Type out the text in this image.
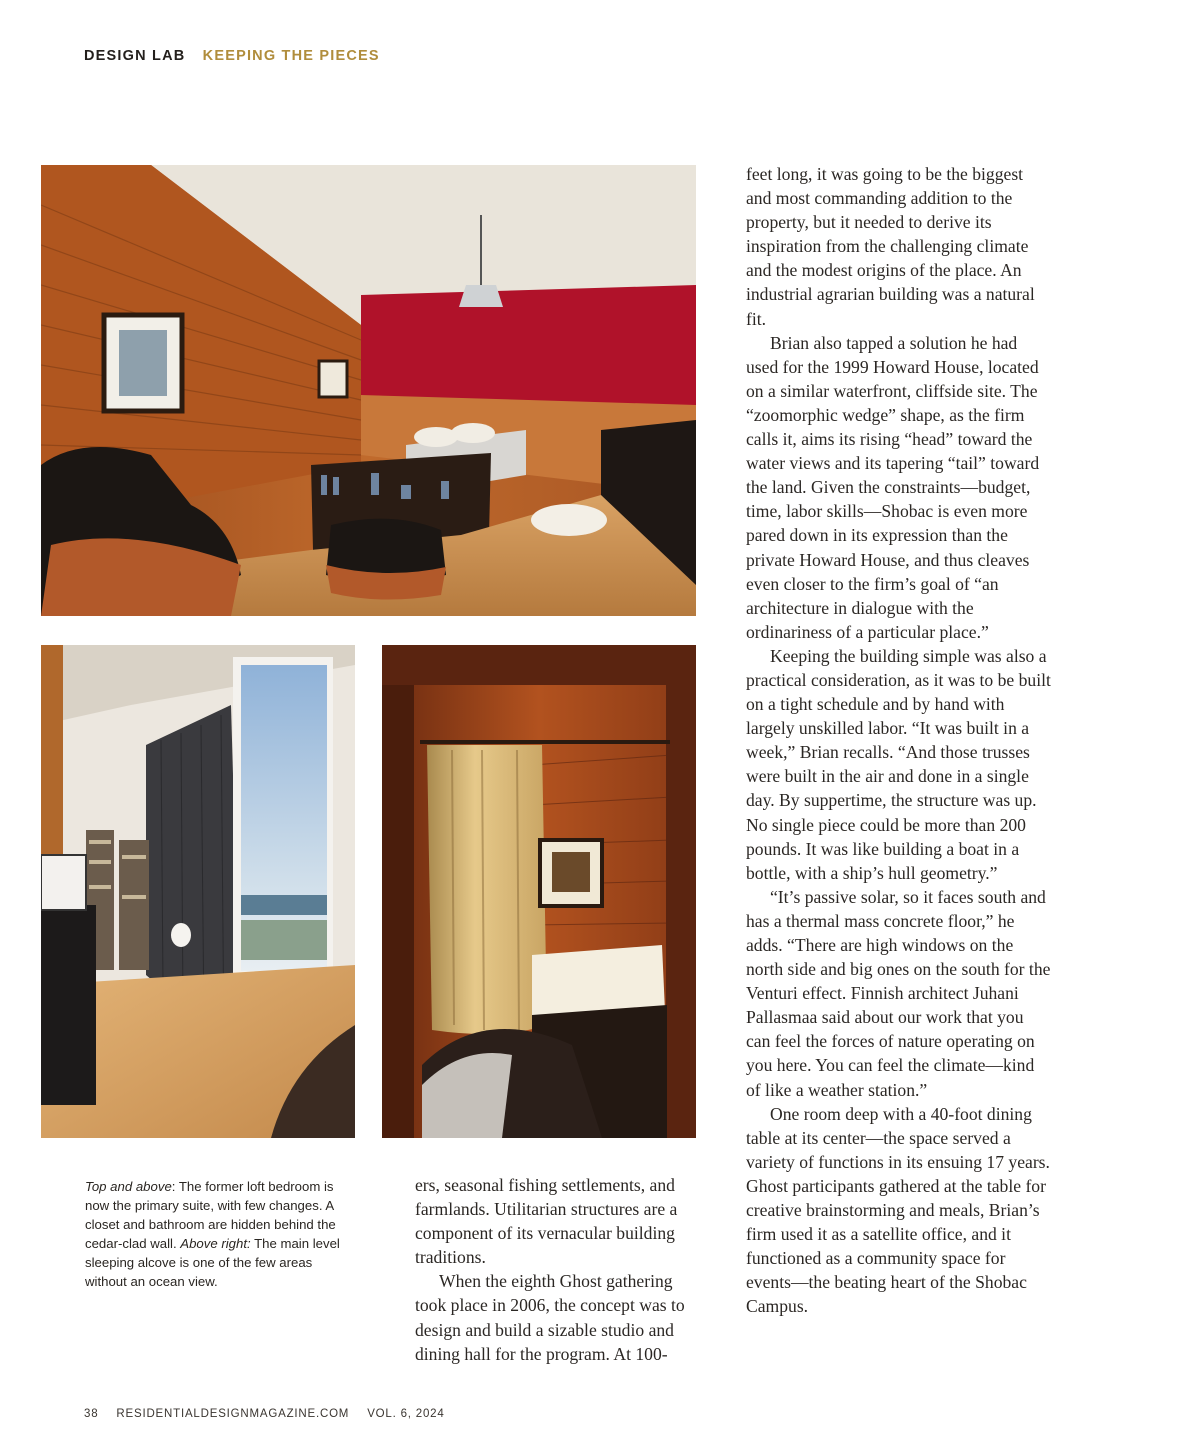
DESIGN LAB KEEPING THE PIECES
Top and above: The former loft bedroom is now the primary suite, with few changes. A closet and bathroom are hidden behind the cedar-clad wall. Above right: The main level sleeping alcove is one of the few areas without an ocean view.

ers, seasonal fishing settlements, and farmlands. Utilitarian structures are a component of its vernacular building traditions.

When the eighth Ghost gathering took place in 2006, the concept was to design and build a sizable studio and dining hall for the program. At 100-

feet long, it was going to be the biggest and most commanding addition to the property, but it needed to derive its inspiration from the challenging climate and the modest origins of the place. An industrial agrarian building was a natural fit.

Brian also tapped a solution he had used for the 1999 Howard House, located on a similar waterfront, cliffside site. The “zoomorphic wedge” shape, as the firm calls it, aims its rising “head” toward the water views and its tapering “tail” toward the land. Given the constraints—budget, time, labor skills—Shobac is even more pared down in its expression than the private Howard House, and thus cleaves even closer to the firm’s goal of “an architecture in dialogue with the ordinariness of a particular place.”

Keeping the building simple was also a practical consideration, as it was to be built on a tight schedule and by hand with largely unskilled labor. “It was built in a week,” Brian recalls. “And those trusses were built in the air and done in a single day. By suppertime, the structure was up. No single piece could be more than 200 pounds. It was like building a boat in a bottle, with a ship’s hull geometry.”

“It’s passive solar, so it faces south and has a thermal mass concrete floor,” he adds. “There are high windows on the north side and big ones on the south for the Venturi effect. Finnish architect Juhani Pallasmaa said about our work that you can feel the forces of nature operating on you here. You can feel the climate—kind of like a weather station.”

One room deep with a 40-foot dining table at its center—the space served a variety of functions in its ensuing 17 years. Ghost participants gathered at the table for creative brainstorming and meals, Brian’s firm used it as a satellite office, and it functioned as a community space for events—the beating heart of the Shobac Campus.

38 RESIDENTIALDESIGNMAGAZINE.COM VOL. 6, 2024
